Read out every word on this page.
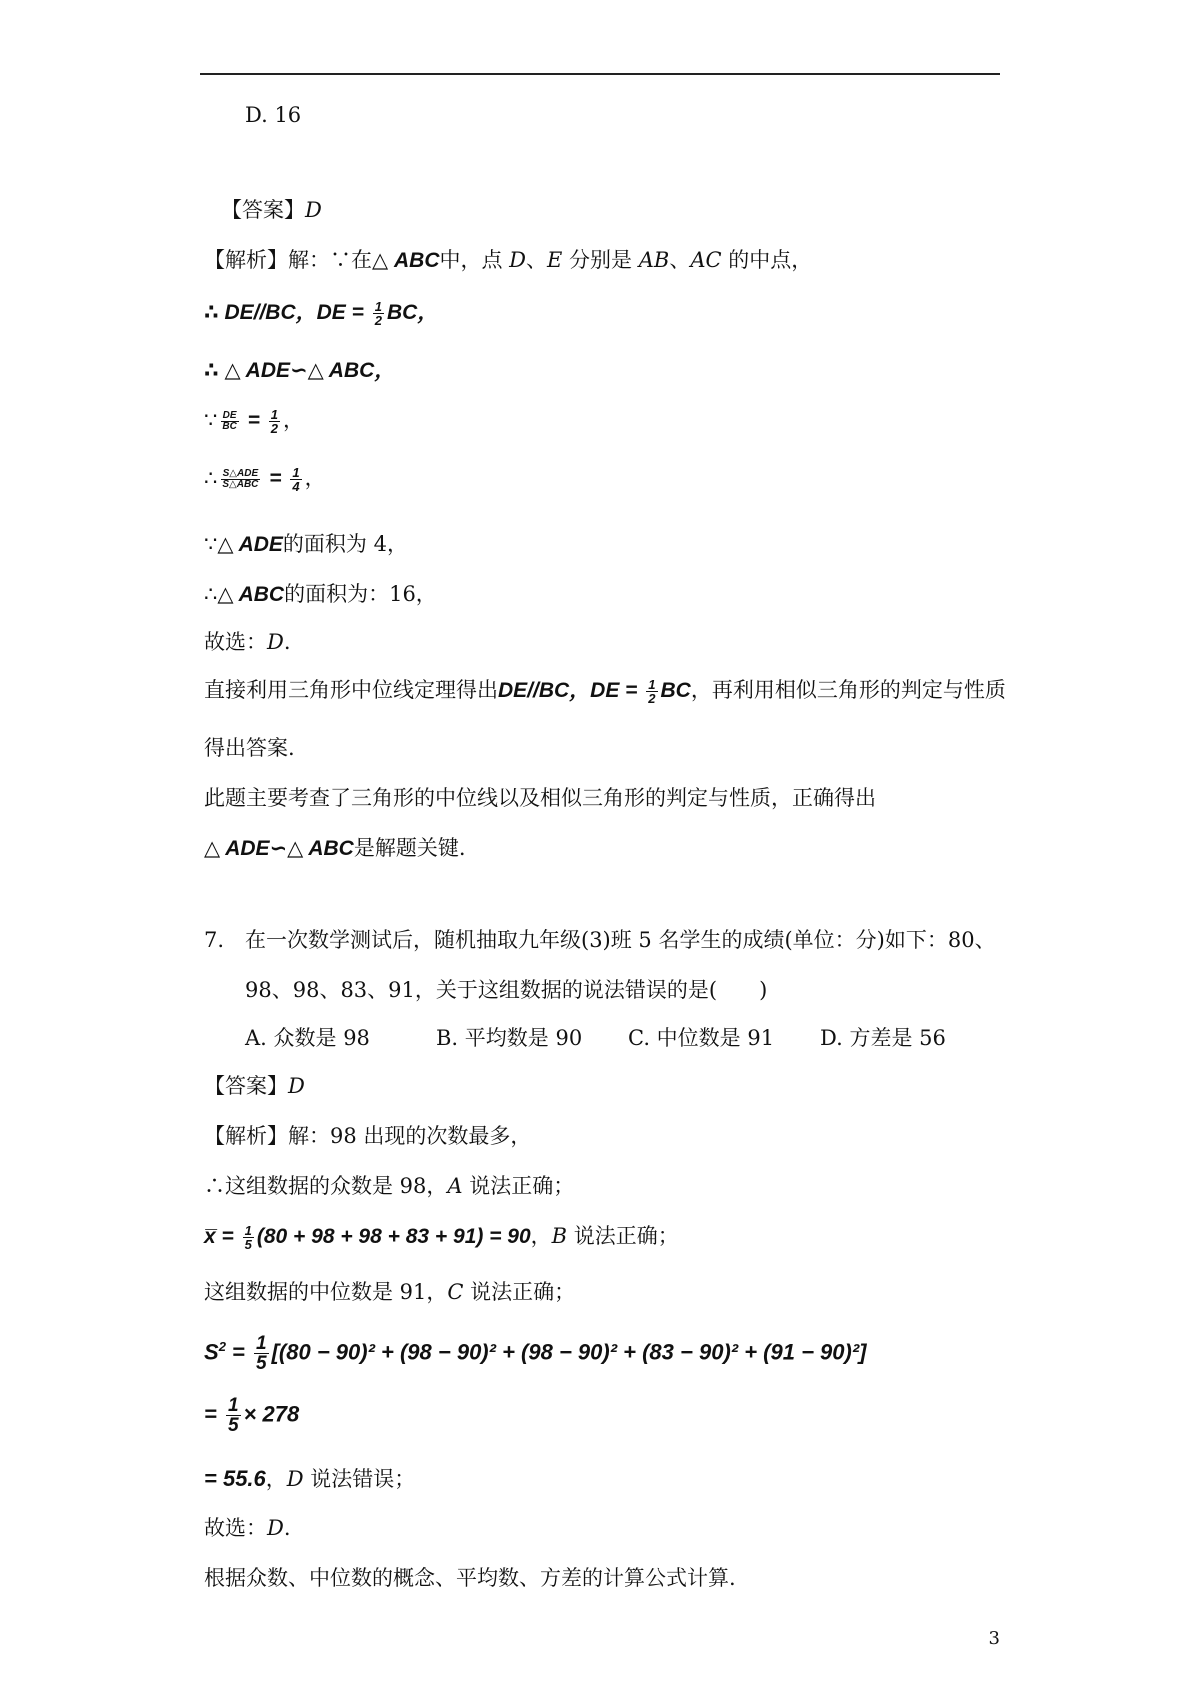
D. 16
【答案】D
【解析】解：∵在△ ABC中，点 D、E 分别是 AB、AC 的中点，
∴ DE//BC，DE = $\frac{1}{2}$ BC，
∴ △ ADE∽△ ABC，
∵ $\frac{DE}{BC} = \frac{1}{2}$ ，
∴ $\frac{\text{S△ADE}}{\text{S△ABC}} = \frac{1}{4}$ ，
∵△ ADE的面积为 4，
∴△ ABC的面积为：16，
故选：D.
直接利用三角形中位线定理得出DE//BC，DE = $\frac{1}{2}$ BC，再利用相似三角形的判定与性质
得出答案.
此题主要考查了三角形的中位线以及相似三角形的判定与性质，正确得出
△ ADE∽△ ABC是解题关键.
7. 在一次数学测试后，随机抽取九年级(3)班 5 名学生的成绩(单位：分)如下：80、
98、98、83、91，关于这组数据的说法错误的是(　　)
A. 众数是 98	B. 平均数是 90 C. 中位数是 91 D. 方差是 56
【答案】D
【解析】解：98 出现的次数最多，
∴这组数据的众数是 98，A 说法正确；
x̅ = $\frac{1}{5} (80 + 98 + 98 + 83 + 91) = 90$，B 说法正确；
这组数据的中位数是 91，C 说法正确；
$S^2 = \frac{1}{5} [(80 - 90)^2 + (98 - 90)^2 + (98 - 90)^2 + (83 - 90)^2 + (91 - 90)^2]$
= $\frac{1}{5} \times 278$
= 55.6，D 说法错误；
故选：D.
根据众数、中位数的概念、平均数、方差的计算公式计算.
3
